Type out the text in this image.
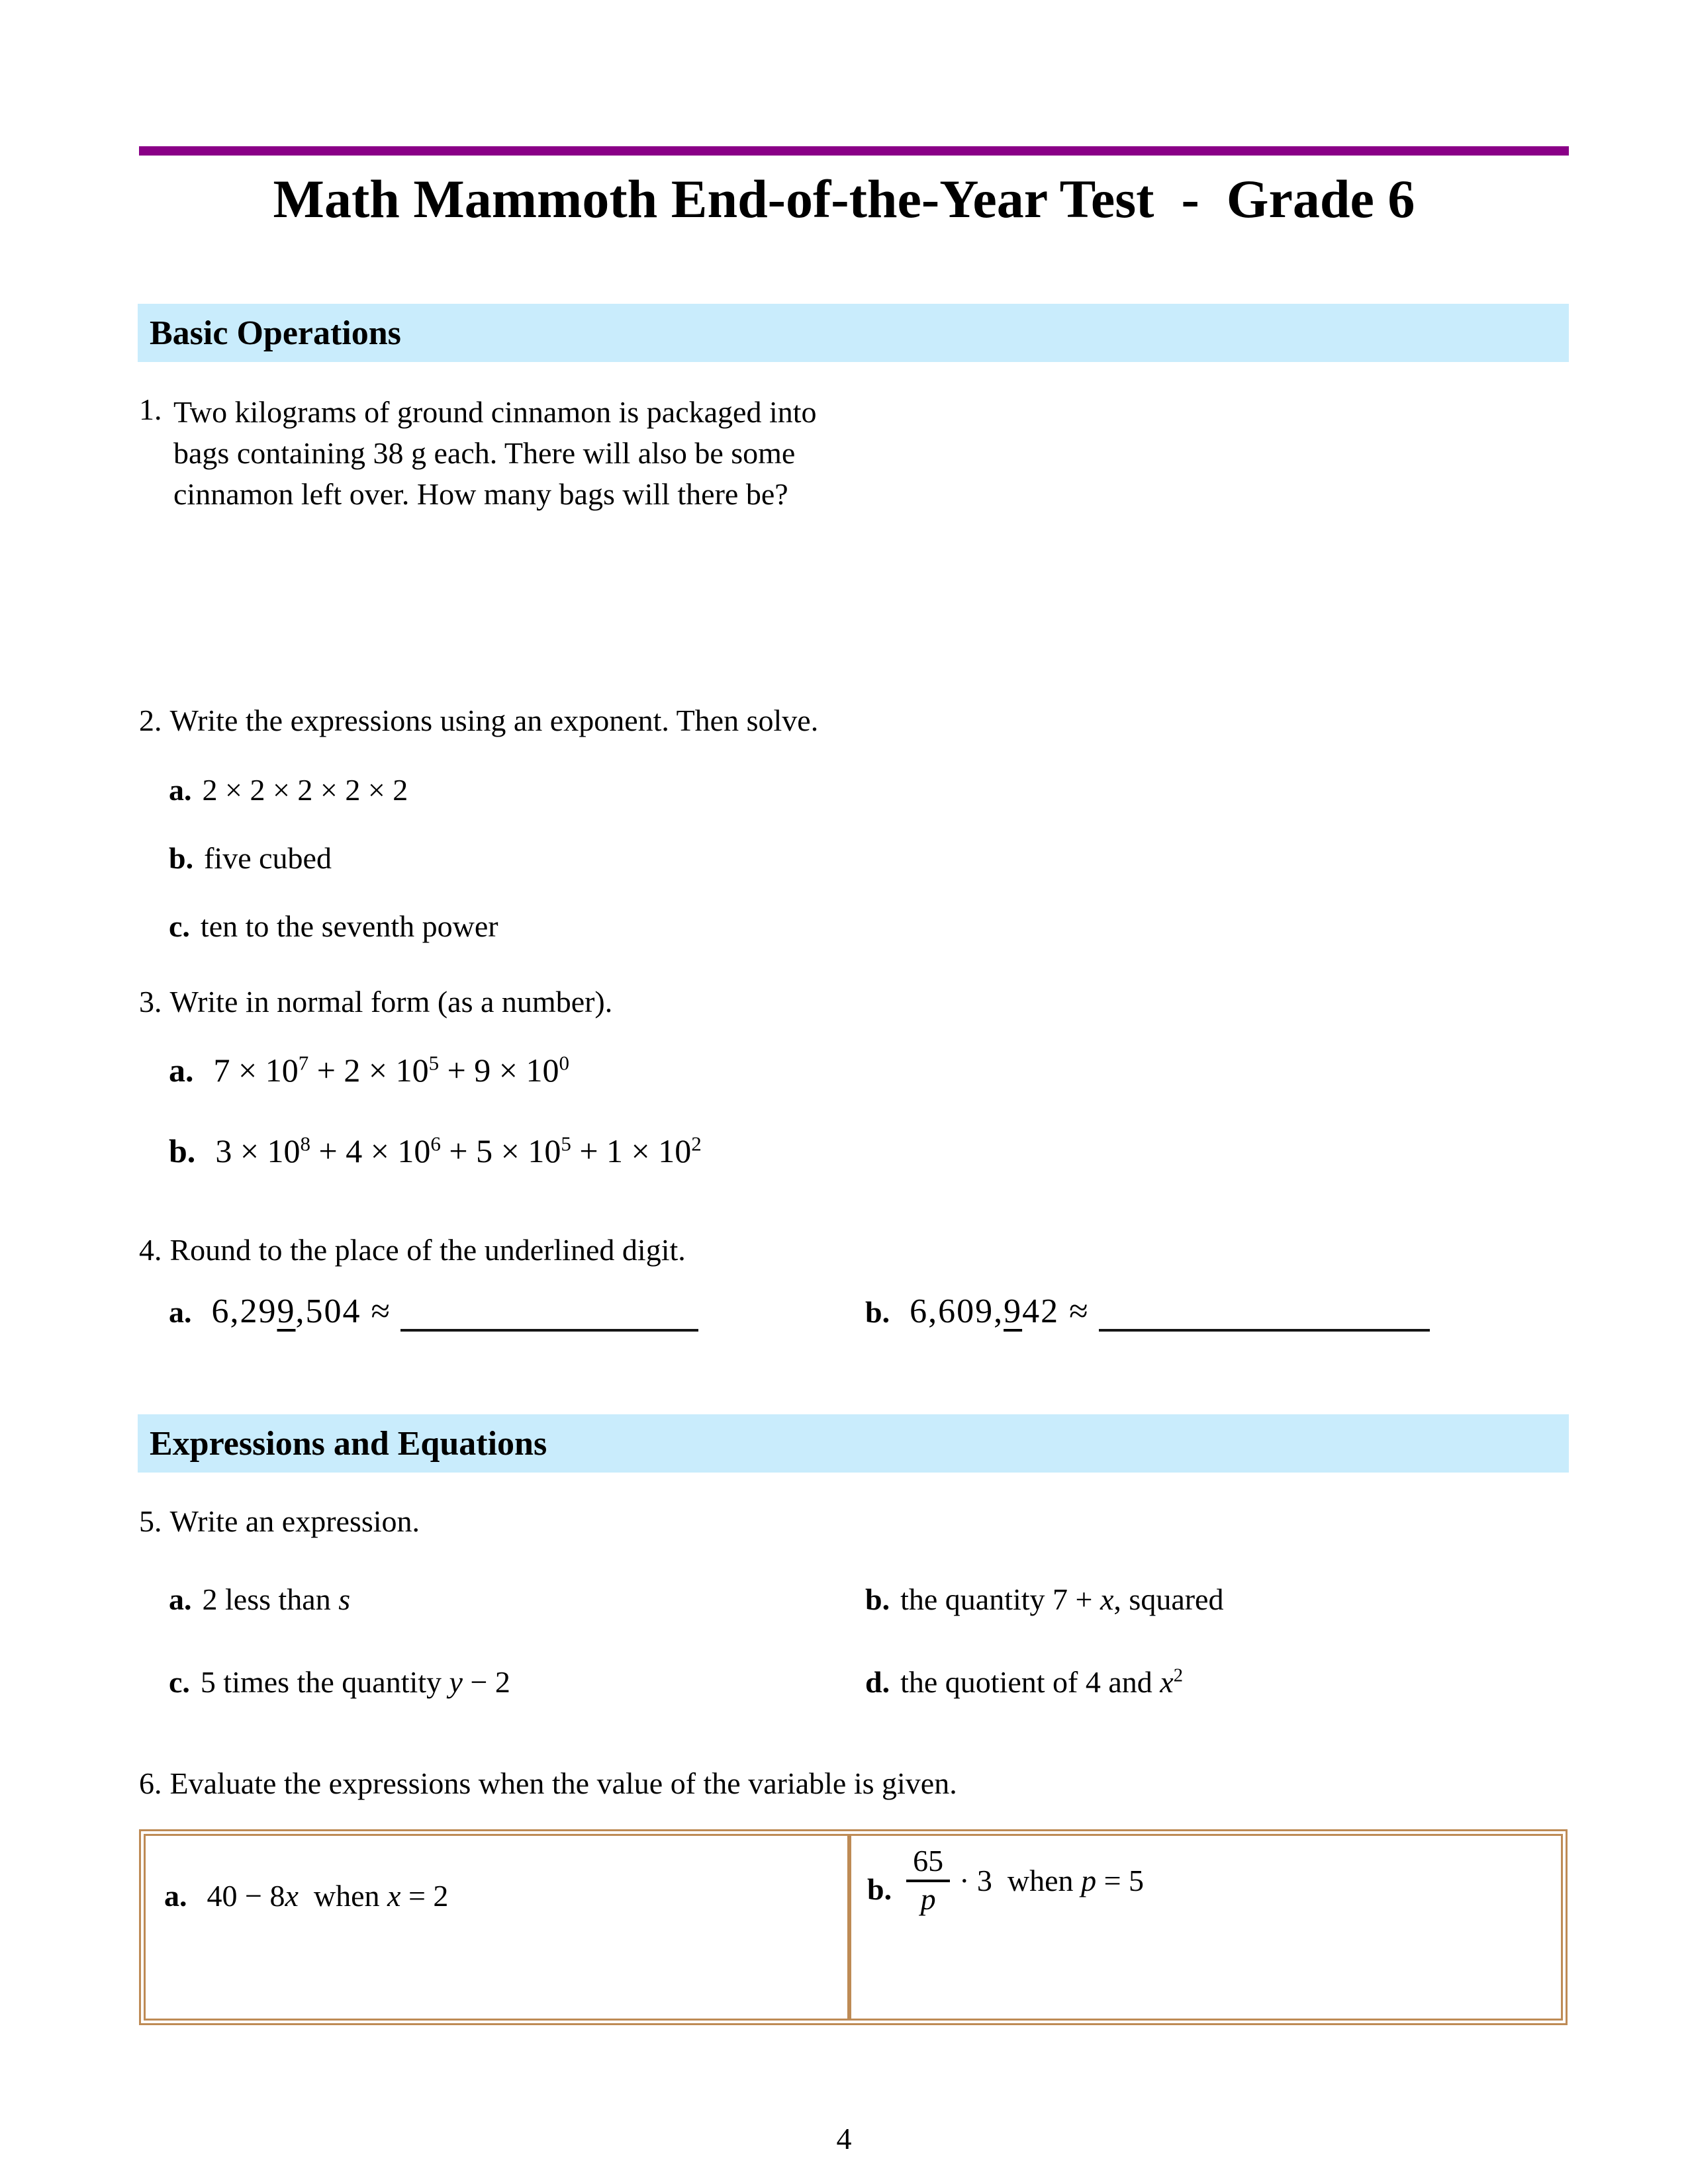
Math Mammoth End-of-the-Year Test  -  Grade 6
Basic Operations
1. Two kilograms of ground cinnamon is packaged into
bags containing 38 g each. There will also be some
cinnamon left over. How many bags will there be?
2. Write the expressions using an exponent. Then solve.
a. 2 × 2 × 2 × 2 × 2
b. five cubed
c. ten to the seventh power
3. Write in normal form (as a number).
a. $7 \times 10^7 + 2 \times 10^5 + 9 \times 10^0$
b. $3 \times 10^8 + 4 \times 10^6 + 5 \times 10^5 + 1 \times 10^2$
4. Round to the place of the underlined digit.
a. 6,299,504 ≈	b. 6,609,942 ≈
Expressions and Equations
5. Write an expression.
a. 2 less than s	b. the quantity 7 + x, squared
c. 5 times the quantity y − 2	d. the quotient of 4 and $x^2$
6. Evaluate the expressions when the value of the variable is given.
a. 40 − 8x  when x = 2	b. $\frac{65}{p} \cdot 3$  when p = 5
4
